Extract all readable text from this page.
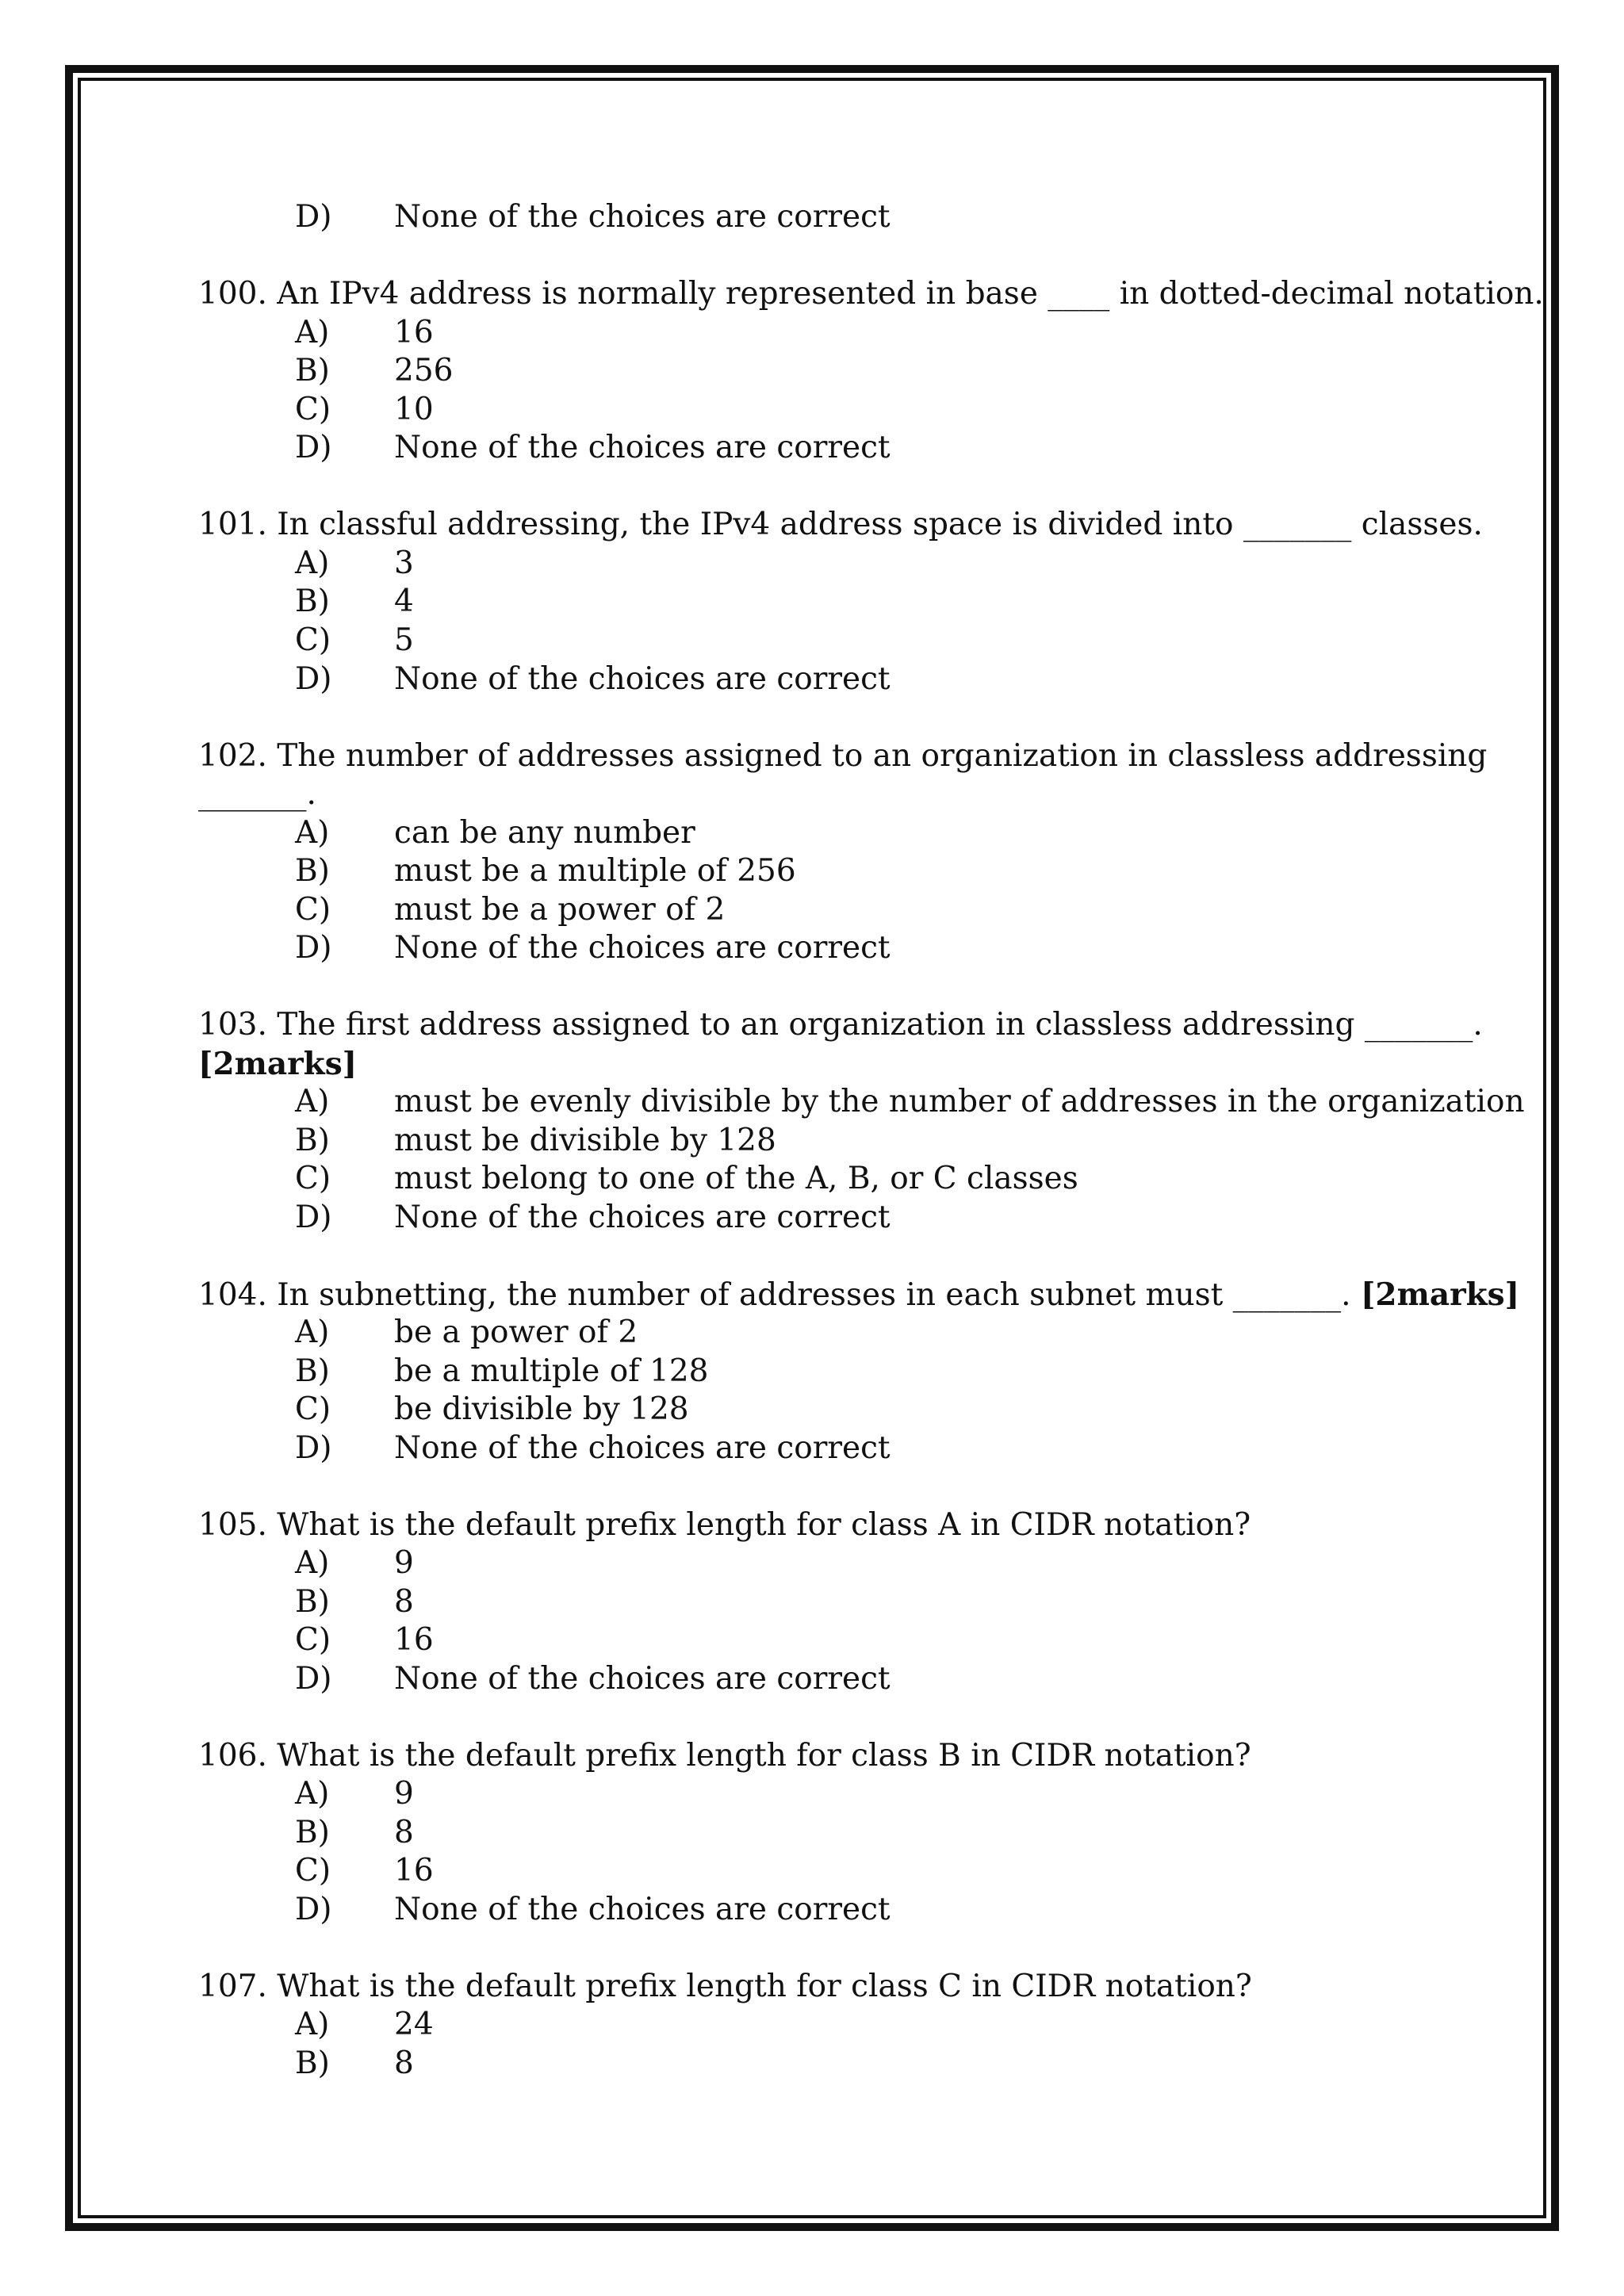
D) None of the choices are correct
100. An IPv4 address is normally represented in base ____ in dotted-decimal notation.
A) 16
B) 256
C) 10
D) None of the choices are correct
101. In classful addressing, the IPv4 address space is divided into _______ classes.
A) 3
B) 4
C) 5
D) None of the choices are correct
102. The number of addresses assigned to an organization in classless addressing
_______.
A) can be any number
B) must be a multiple of 256
C) must be a power of 2
D) None of the choices are correct
103. The first address assigned to an organization in classless addressing _______.
[2marks]
A) must be evenly divisible by the number of addresses in the organization
B) must be divisible by 128
C) must belong to one of the A, B, or C classes
D) None of the choices are correct
104. In subnetting, the number of addresses in each subnet must _______. [2marks]
A) be a power of 2
B) be a multiple of 128
C) be divisible by 128
D) None of the choices are correct
105. What is the default prefix length for class A in CIDR notation?
A) 9
B) 8
C) 16
D) None of the choices are correct
106. What is the default prefix length for class B in CIDR notation?
A) 9
B) 8
C) 16
D) None of the choices are correct
107. What is the default prefix length for class C in CIDR notation?
A) 24
B) 8
